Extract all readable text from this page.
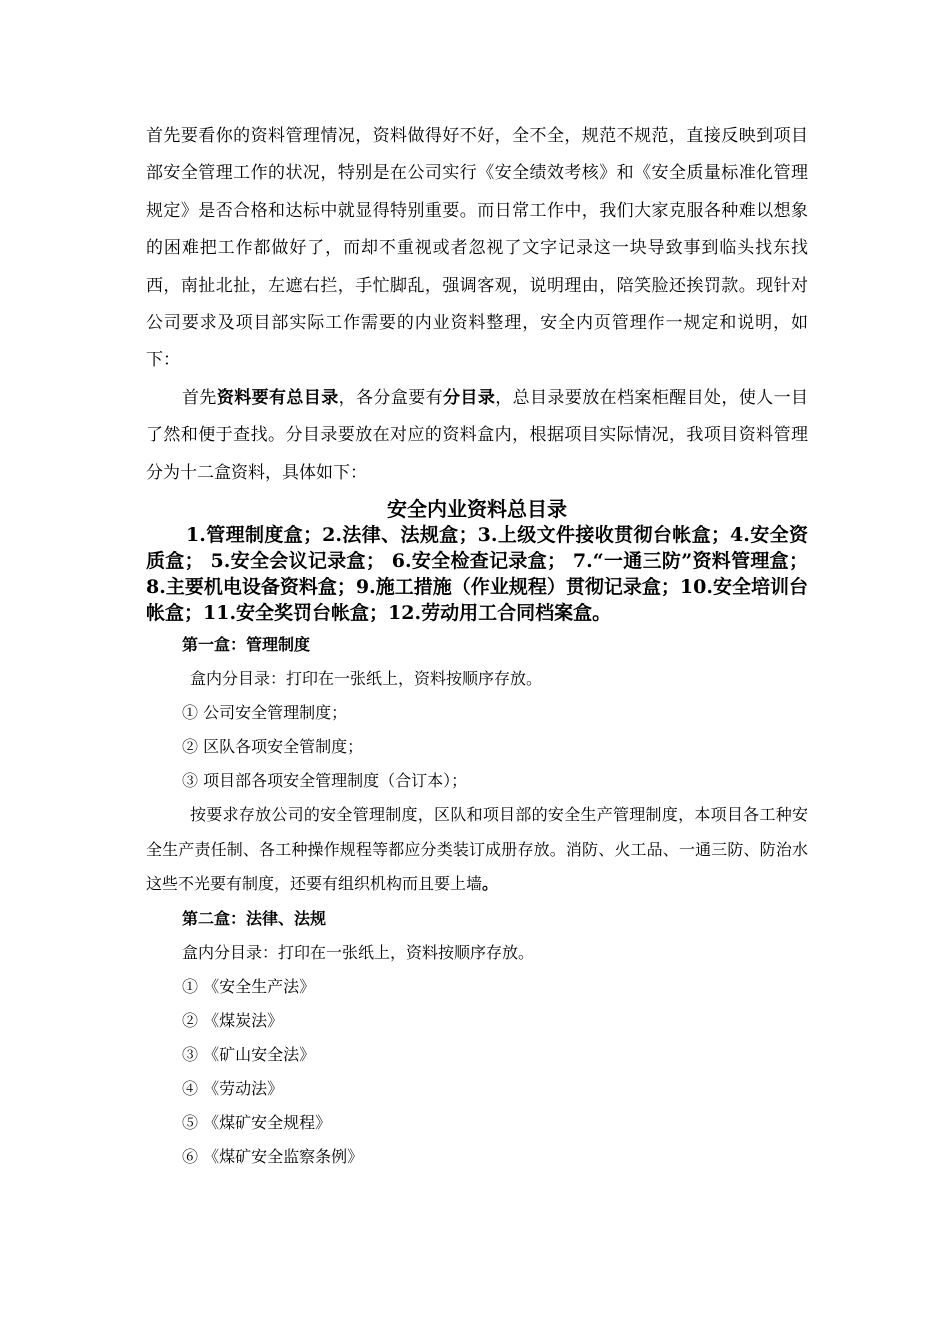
首先要看你的资料管理情况，资料做得好不好，全不全，规范不规范，直接反映到项目部安全管理工作的状况，特别是在公司实行《安全绩效考核》和《安全质量标准化管理规定》是否合格和达标中就显得特别重要。而日常工作中，我们大家克服各种难以想象的困难把工作都做好了，而却不重视或者忽视了文字记录这一块导致事到临头找东找西，南扯北扯，左遮右拦，手忙脚乱，强调客观，说明理由，陪笑脸还挨罚款。现针对公司要求及项目部实际工作需要的内业资料整理，安全内页管理作一规定和说明，如下：

首先资料要有总目录，各分盒要有分目录，总目录要放在档案柜醒目处，使人一目了然和便于查找。分目录要放在对应的资料盒内，根据项目实际情况，我项目资料管理分为十二盒资料，具体如下：

安全内业资料总目录

1.管理制度盒；2.法律、法规盒；3.上级文件接收贯彻台帐盒；4.安全资质盒； 5.安全会议记录盒； 6.安全检查记录盒； 7.“一通三防”资料管理盒；8.主要机电设备资料盒；9.施工措施（作业规程）贯彻记录盒；10.安全培训台帐盒；11.安全奖罚台帐盒；12.劳动用工合同档案盒。

第一盒：管理制度

盒内分目录：打印在一张纸上，资料按顺序存放。

① 公司安全管理制度；

② 区队各项安全管制度；

③ 项目部各项安全管理制度（合订本）；

按要求存放公司的安全管理制度，区队和项目部的安全生产管理制度，本项目各工种安全生产责任制、各工种操作规程等都应分类装订成册存放。消防、火工品、一通三防、防治水这些不光要有制度，还要有组织机构而且要上墙。

第二盒：法律、法规

盒内分目录：打印在一张纸上，资料按顺序存放。

① 《安全生产法》

② 《煤炭法》

③ 《矿山安全法》

④ 《劳动法》

⑤ 《煤矿安全规程》

⑥ 《煤矿安全监察条例》
